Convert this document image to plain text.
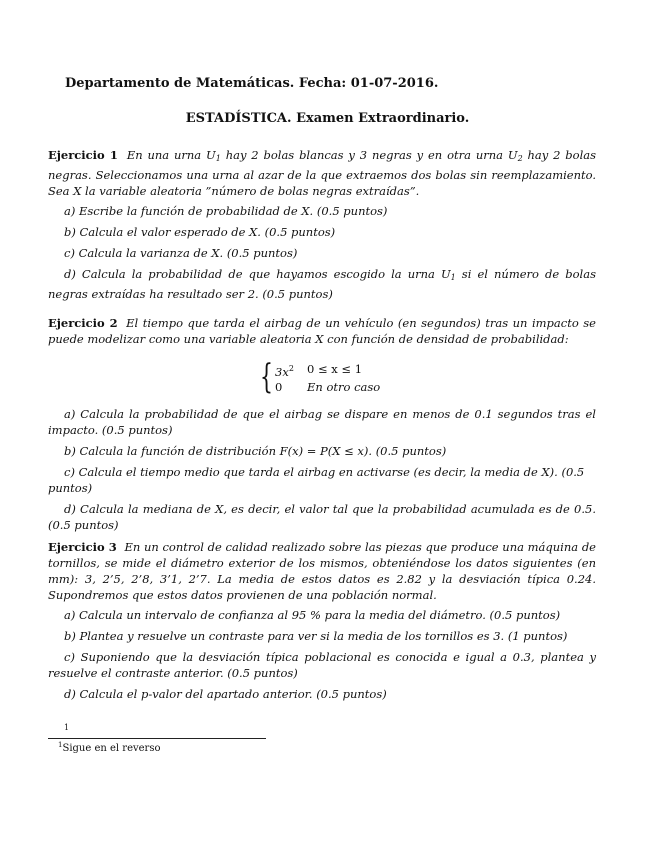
Departamento de Matemáticas. Fecha: 01-07-2016.
ESTADÍSTICA. Examen Extraordinario.

Ejercicio 1 En una urna $U_1$ hay 2 bolas blancas y 3 negras y en otra urna $U_2$ hay 2 bolas negras. Seleccionamos una urna al azar de la que extraemos dos bolas sin reemplazamiento. Sea X la variable aleatoria ”número de bolas negras extraídas”.

a) Escribe la función de probabilidad de X. (0.5 puntos)

b) Calcula el valor esperado de X. (0.5 puntos)

c) Calcula la varianza de X. (0.5 puntos)

d) Calcula la probabilidad de que hayamos escogido la urna $U_1$ si el número de bolas negras extraídas ha resultado ser 2. (0.5 puntos)

Ejercicio 2 El tiempo que tarda el airbag de un vehículo (en segundos) tras un impacto se puede modelizar como una variable aleatoria X con función de densidad de probabilidad:

{ $3x^2$ 0 ≤ x ≤ 1
0 En otro caso

a) Calcula la probabilidad de que el airbag se dispare en menos de 0.1 segundos tras el impacto. (0.5 puntos)

b) Calcula la función de distribución F(x) = P(X ≤ x). (0.5 puntos)

c) Calcula el tiempo medio que tarda el airbag en activarse (es decir, la media de X). (0.5 puntos)

d) Calcula la mediana de X, es decir, el valor tal que la probabilidad acumulada es de 0.5. (0.5 puntos)

Ejercicio 3 En un control de calidad realizado sobre las piezas que produce una máquina de tornillos, se mide el diámetro exterior de los mismos, obteniéndose los datos siguientes (en mm): 3, 2’5, 2’8, 3’1, 2’7. La media de estos datos es 2.82 y la desviación típica 0.24. Supondremos que estos datos provienen de una población normal.

a) Calcula un intervalo de confianza al 95 % para la media del diámetro. (0.5 puntos)

b) Plantea y resuelve un contraste para ver si la media de los tornillos es 3. (1 puntos)

c) Suponiendo que la desviación típica poblacional es conocida e igual a 0.3, plantea y resuelve el contraste anterior. (0.5 puntos)

d) Calcula el p-valor del apartado anterior. (0.5 puntos)

1
$^1$Sigue en el reverso
